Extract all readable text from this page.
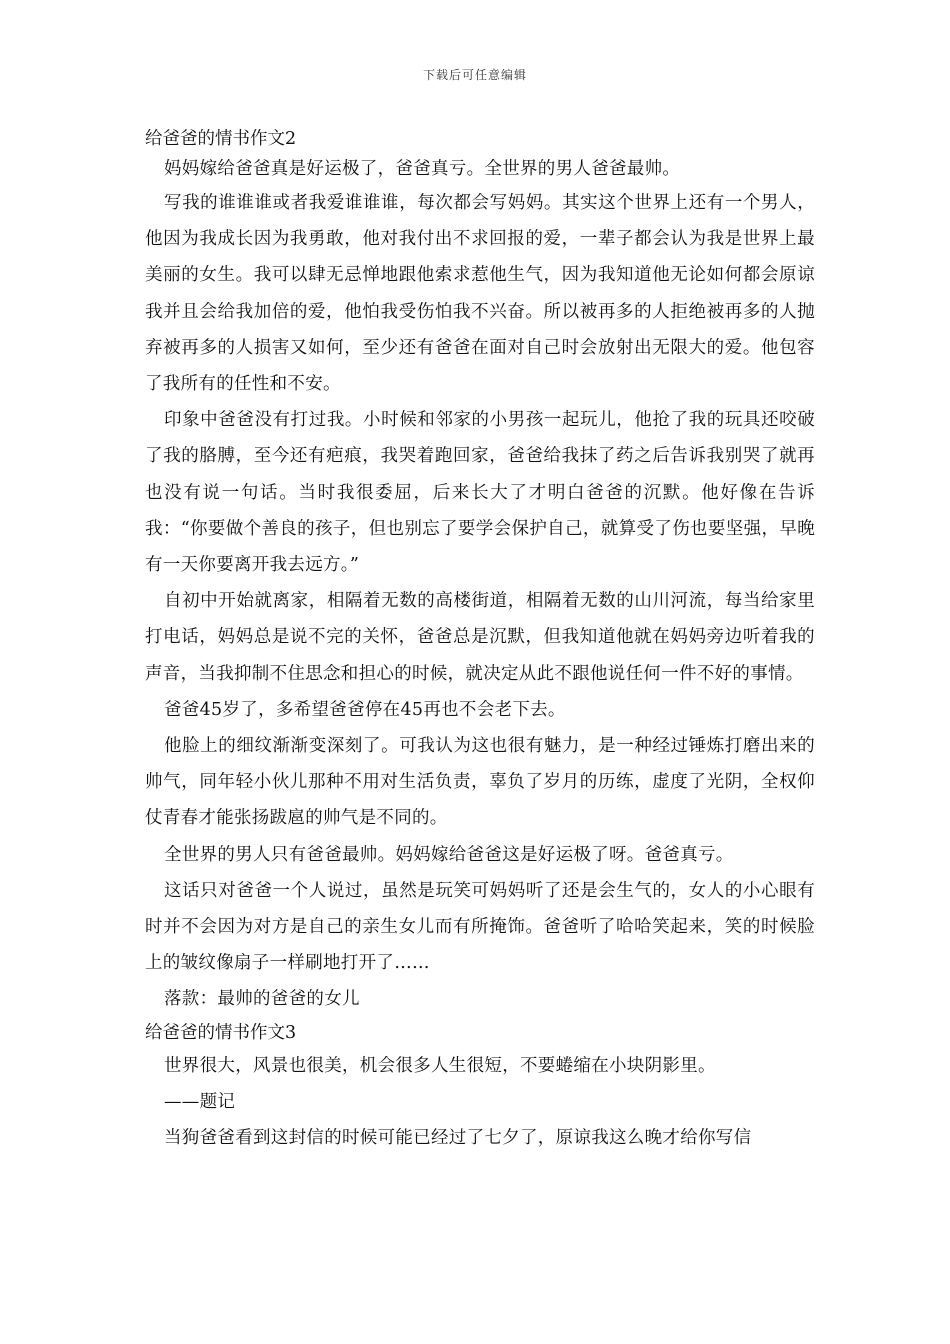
下载后可任意编辑
给爸爸的情书作文2

妈妈嫁给爸爸真是好运极了，爸爸真亏。全世界的男人爸爸最帅。

写我的谁谁谁或者我爱谁谁谁，每次都会写妈妈。其实这个世界上还有一个男人，他因为我成长因为我勇敢，他对我付出不求回报的爱，一辈子都会认为我是世界上最美丽的女生。我可以肆无忌惮地跟他索求惹他生气，因为我知道他无论如何都会原谅我并且会给我加倍的爱，他怕我受伤怕我不兴奋。所以被再多的人拒绝被再多的人抛弃被再多的人损害又如何，至少还有爸爸在面对自己时会放射出无限大的爱。他包容了我所有的任性和不安。

印象中爸爸没有打过我。小时候和邻家的小男孩一起玩儿，他抢了我的玩具还咬破了我的胳膊，至今还有疤痕，我哭着跑回家，爸爸给我抹了药之后告诉我别哭了就再也没有说一句话。当时我很委屈，后来长大了才明白爸爸的沉默。他好像在告诉我：“你要做个善良的孩子，但也别忘了要学会保护自己，就算受了伤也要坚强，早晚有一天你要离开我去远方。”

自初中开始就离家，相隔着无数的高楼街道，相隔着无数的山川河流，每当给家里打电话，妈妈总是说不完的关怀，爸爸总是沉默，但我知道他就在妈妈旁边听着我的声音，当我抑制不住思念和担心的时候，就决定从此不跟他说任何一件不好的事情。

爸爸45岁了，多希望爸爸停在45再也不会老下去。

他脸上的细纹渐渐变深刻了。可我认为这也很有魅力，是一种经过锤炼打磨出来的帅气，同年轻小伙儿那种不用对生活负责，辜负了岁月的历练，虚度了光阴，全权仰仗青春才能张扬跋扈的帅气是不同的。

全世界的男人只有爸爸最帅。妈妈嫁给爸爸这是好运极了呀。爸爸真亏。

这话只对爸爸一个人说过，虽然是玩笑可妈妈听了还是会生气的，女人的小心眼有时并不会因为对方是自己的亲生女儿而有所掩饰。爸爸听了哈哈笑起来，笑的时候脸上的皱纹像扇子一样刷地打开了……

落款：最帅的爸爸的女儿

给爸爸的情书作文3

世界很大，风景也很美，机会很多人生很短，不要蜷缩在小块阴影里。

——题记

当狗爸爸看到这封信的时候可能已经过了七夕了，原谅我这么晚才给你写信
